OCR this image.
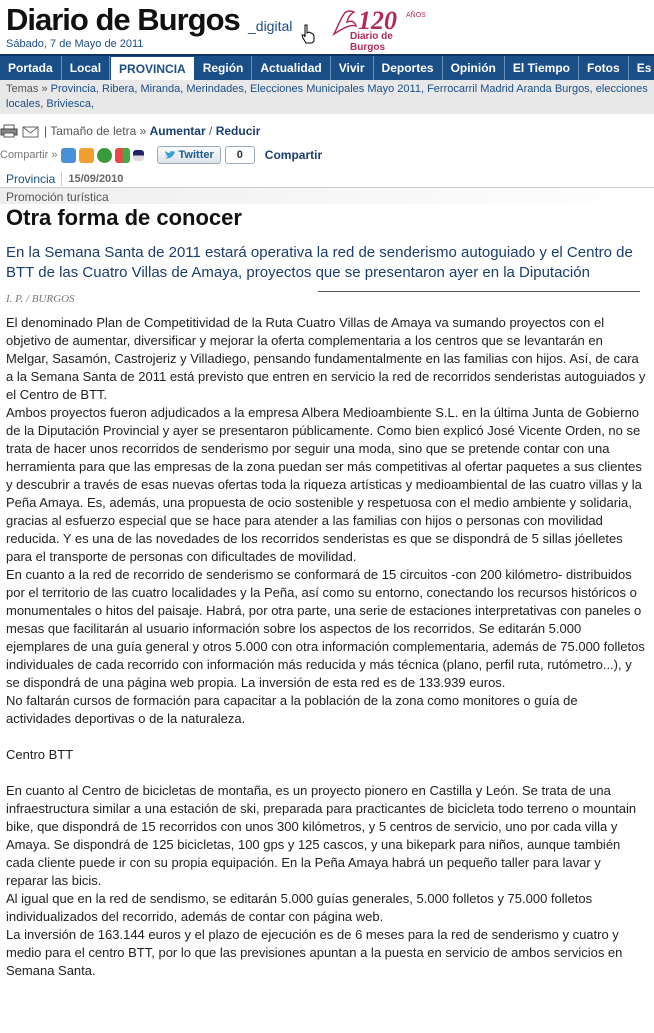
Diario de Burgos _digital
Sábado, 7 de Mayo de 2011
120 AÑOS
Diario de Burgos
Portada	Local	PROVINCIA	Región	Actualidad	Vivir	Deportes	Opinión	El Tiempo	Fotos	Es
Temas » Provincia, Ribera, Miranda, Merindades, Elecciones Municipales Mayo 2011, Ferrocarril Madrid Aranda Burgos, elecciones locales, Briviesca,
| Tamaño de letra »
Aumentar
/
Reducir
Compartir »
	Twitter	0	Compartir
Provincia	15/09/2010
Promoción turística
Otra forma de conocer
En la Semana Santa de 2011 estará operativa la red de senderismo autoguiado y el Centro de BTT de las Cuatro Villas de Amaya, proyectos que se presentaron ayer en la Diputación
I. P. / BURGOS

El denominado Plan de Competitividad de la Ruta Cuatro Villas de Amaya va sumando proyectos con el objetivo de aumentar, diversificar y mejorar la oferta complementaria a los centros que se levantarán en Melgar, Sasamón, Castrojeriz y Villadiego, pensando fundamentalmente en las familias con hijos. Así, de cara a la Semana Santa de 2011 está previsto que entren en servicio la red de recorridos senderistas autoguiados y el Centro de BTT.

Ambos proyectos fueron adjudicados a la empresa Albera Medioambiente S.L. en la última Junta de Gobierno de la Diputación Provincial y ayer se presentaron públicamente. Como bien explicó José Vicente Orden, no se trata de hacer unos recorridos de senderismo por seguir una moda, sino que se pretende contar con una herramienta para que las empresas de la zona puedan ser más competitivas al ofertar paquetes a sus clientes y descubrir a través de esas nuevas ofertas toda la riqueza artísticas y medioambiental de las cuatro villas y la Peña Amaya. Es, además, una propuesta de ocio sostenible y respetuosa con el medio ambiente y solidaria, gracias al esfuerzo especial que se hace para atender a las familias con hijos o personas con movilidad reducida. Y es una de las novedades de los recorridos senderistas es que se dispondrá de 5 sillas jóelletes para el transporte de personas con dificultades de movilidad.

En cuanto a la red de recorrido de senderismo se conformará de 15 circuitos -con 200 kilómetro- distribuidos por el territorio de las cuatro localidades y la Peña, así como su entorno, conectando los recursos históricos o monumentales o hitos del paisaje. Habrá, por otra parte, una serie de estaciones interpretativas con paneles o mesas que facilitarán al usuario información sobre los aspectos de los recorridos. Se editarán 5.000 ejemplares de una guía general y otros 5.000 con otra información complementaria, además de 75.000 folletos individuales de cada recorrido con información más reducida y más técnica (plano, perfil ruta, rutómetro...), y se dispondrá de una página web propia. La inversión de esta red es de 133.939 euros.

No faltarán cursos de formación para capacitar a la población de la zona como monitores o guía de actividades deportivas o de la naturaleza.

Centro BTT

En cuanto al Centro de bicicletas de montaña, es un proyecto pionero en Castilla y León. Se trata de una infraestructura similar a una estación de ski, preparada para practicantes de bicicleta todo terreno o mountain bike, que dispondrá de 15 recorridos con unos 300 kilómetros, y 5 centros de servicio, uno por cada villa y Amaya. Se dispondrá de 125 bicicletas, 100 gps y 125 cascos, y una bikepark para niños, aunque también cada cliente puede ir con su propia equipación. En la Peña Amaya habrá un pequeño taller para lavar y reparar las bicis.

Al igual que en la red de sendismo, se editarán 5.000 guías generales, 5.000 folletos y 75.000 folletos individualizados del recorrido, además de contar con página web.

La inversión de 163.144 euros y el plazo de ejecución es de 6 meses para la red de senderismo y cuatro y medio para el centro BTT, por lo que las previsiones apuntan a la puesta en servicio de ambos servicios en Semana Santa.
